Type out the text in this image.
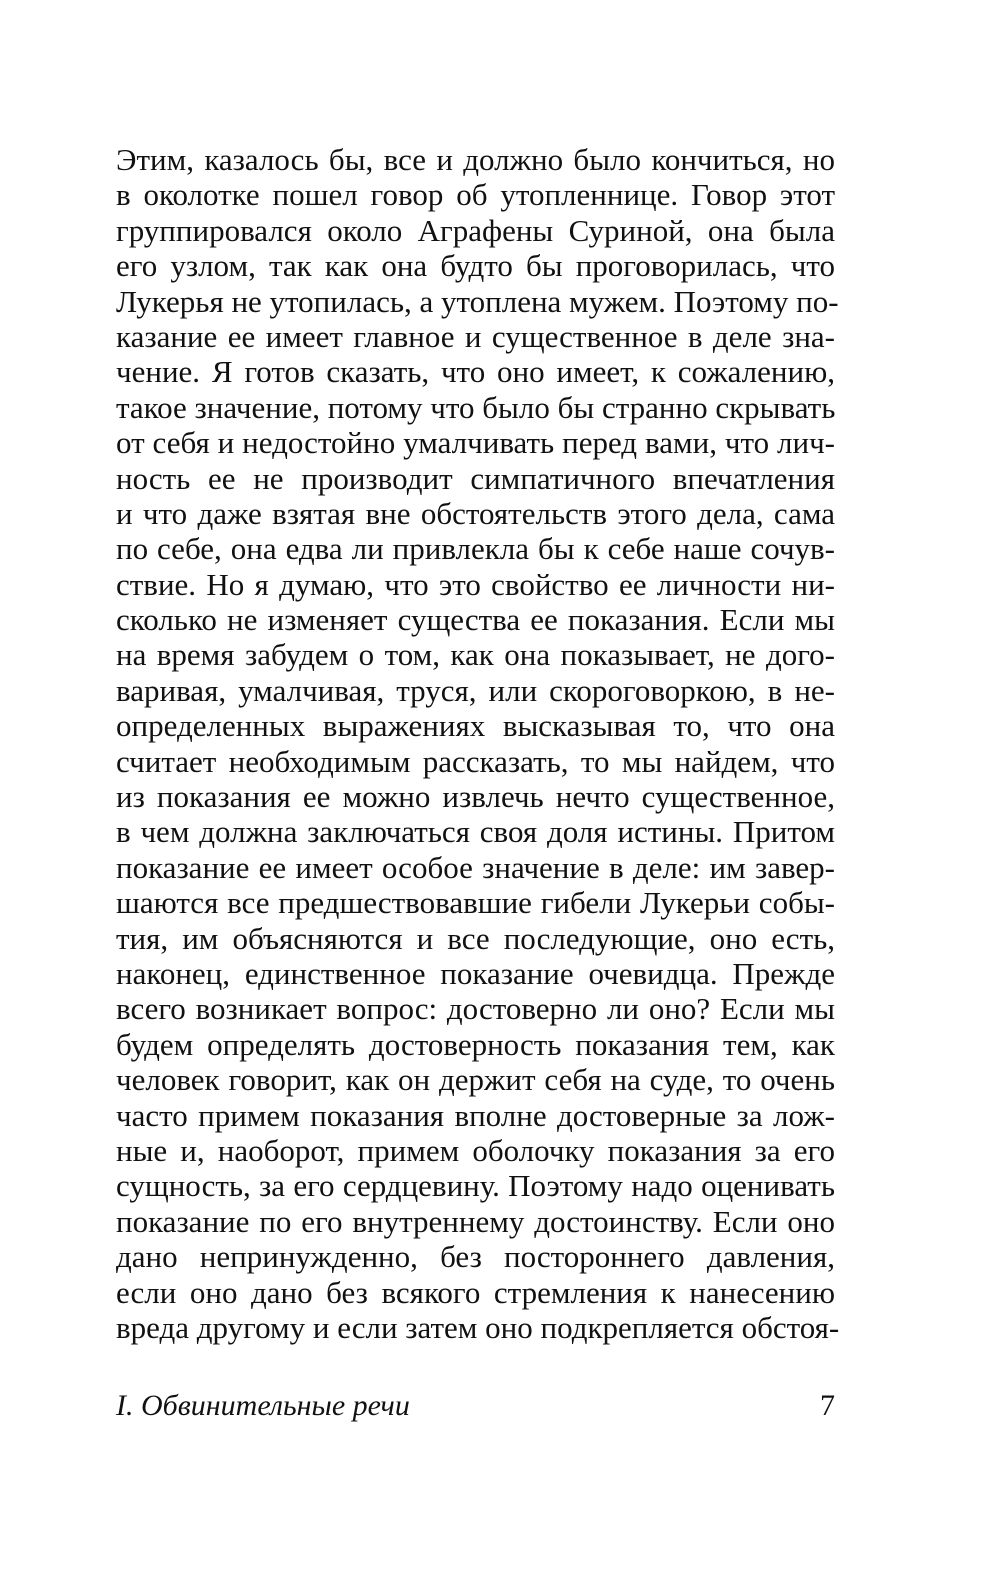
Этим, казалось бы, все и должно было кончиться, но
в околотке пошел говор об утопленнице. Говор этот
группировался около Аграфены Суриной, она была
его узлом, так как она будто бы проговорилась, что
Лукерья не утопилась, а утоплена мужем. Поэтому по-
казание ее имеет главное и существенное в деле зна-
чение. Я готов сказать, что оно имеет, к сожалению,
такое значение, потому что было бы странно скрывать
от себя и недостойно умалчивать перед вами, что лич-
ность ее не производит симпатичного впечатления
и что даже взятая вне обстоятельств этого дела, сама
по себе, она едва ли привлекла бы к себе наше сочув-
ствие. Но я думаю, что это свойство ее личности ни-
сколько не изменяет существа ее показания. Если мы
на время забудем о том, как она показывает, не дого-
варивая, умалчивая, труся, или скороговоркою, в не-
определенных выражениях высказывая то, что она
считает необходимым рассказать, то мы найдем, что
из показания ее можно извлечь нечто существенное,
в чем должна заключаться своя доля истины. Притом
показание ее имеет особое значение в деле: им завер-
шаются все предшествовавшие гибели Лукерьи собы-
тия, им объясняются и все последующие, оно есть,
наконец, единственное показание очевидца. Прежде
всего возникает вопрос: достоверно ли оно? Если мы
будем определять достоверность показания тем, как
человек говорит, как он держит себя на суде, то очень
часто примем показания вполне достоверные за лож-
ные и, наоборот, примем оболочку показания за его
сущность, за его сердцевину. Поэтому надо оценивать
показание по его внутреннему достоинству. Если оно
дано непринужденно, без постороннего давления,
если оно дано без всякого стремления к нанесению
вреда другому и если затем оно подкрепляется обстоя-
I. Обвинительные речи	7
